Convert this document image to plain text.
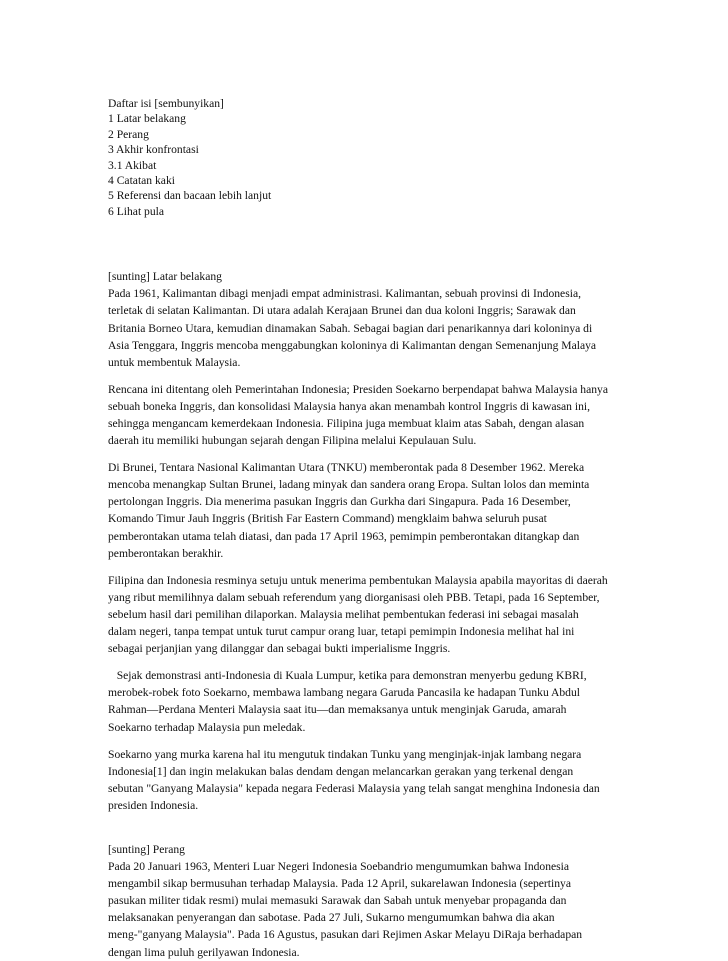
Daftar isi [sembunyikan]
1 Latar belakang
2 Perang
3 Akhir konfrontasi
3.1 Akibat
4 Catatan kaki
5 Referensi dan bacaan lebih lanjut
6 Lihat pula
[sunting] Latar belakang
Pada 1961, Kalimantan dibagi menjadi empat administrasi. Kalimantan, sebuah provinsi di Indonesia,
terletak di selatan Kalimantan. Di utara adalah Kerajaan Brunei dan dua koloni Inggris; Sarawak dan
Britania Borneo Utara, kemudian dinamakan Sabah. Sebagai bagian dari penarikannya dari koloninya di
Asia Tenggara, Inggris mencoba menggabungkan koloninya di Kalimantan dengan Semenanjung Malaya
untuk membentuk Malaysia.
Rencana ini ditentang oleh Pemerintahan Indonesia; Presiden Soekarno berpendapat bahwa Malaysia hanya
sebuah boneka Inggris, dan konsolidasi Malaysia hanya akan menambah kontrol Inggris di kawasan ini,
sehingga mengancam kemerdekaan Indonesia. Filipina juga membuat klaim atas Sabah, dengan alasan
daerah itu memiliki hubungan sejarah dengan Filipina melalui Kepulauan Sulu.
Di Brunei, Tentara Nasional Kalimantan Utara (TNKU) memberontak pada 8 Desember 1962. Mereka
mencoba menangkap Sultan Brunei, ladang minyak dan sandera orang Eropa. Sultan lolos dan meminta
pertolongan Inggris. Dia menerima pasukan Inggris dan Gurkha dari Singapura. Pada 16 Desember,
Komando Timur Jauh Inggris (British Far Eastern Command) mengklaim bahwa seluruh pusat
pemberontakan utama telah diatasi, dan pada 17 April 1963, pemimpin pemberontakan ditangkap dan
pemberontakan berakhir.
Filipina dan Indonesia resminya setuju untuk menerima pembentukan Malaysia apabila mayoritas di daerah
yang ribut memilihnya dalam sebuah referendum yang diorganisasi oleh PBB. Tetapi, pada 16 September,
sebelum hasil dari pemilihan dilaporkan. Malaysia melihat pembentukan federasi ini sebagai masalah
dalam negeri, tanpa tempat untuk turut campur orang luar, tetapi pemimpin Indonesia melihat hal ini
sebagai perjanjian yang dilanggar dan sebagai bukti imperialisme Inggris.
Sejak demonstrasi anti-Indonesia di Kuala Lumpur, ketika para demonstran menyerbu gedung KBRI,
merobek-robek foto Soekarno, membawa lambang negara Garuda Pancasila ke hadapan Tunku Abdul
Rahman—Perdana Menteri Malaysia saat itu—dan memaksanya untuk menginjak Garuda, amarah
Soekarno terhadap Malaysia pun meledak.
Soekarno yang murka karena hal itu mengutuk tindakan Tunku yang menginjak-injak lambang negara
Indonesia[1] dan ingin melakukan balas dendam dengan melancarkan gerakan yang terkenal dengan
sebutan "Ganyang Malaysia" kepada negara Federasi Malaysia yang telah sangat menghina Indonesia dan
presiden Indonesia.
[sunting] Perang
Pada 20 Januari 1963, Menteri Luar Negeri Indonesia Soebandrio mengumumkan bahwa Indonesia
mengambil sikap bermusuhan terhadap Malaysia. Pada 12 April, sukarelawan Indonesia (sepertinya
pasukan militer tidak resmi) mulai memasuki Sarawak dan Sabah untuk menyebar propaganda dan
melaksanakan penyerangan dan sabotase. Pada 27 Juli, Sukarno mengumumkan bahwa dia akan
meng-"ganyang Malaysia". Pada 16 Agustus, pasukan dari Rejimen Askar Melayu DiRaja berhadapan
dengan lima puluh gerilyawan Indonesia.
